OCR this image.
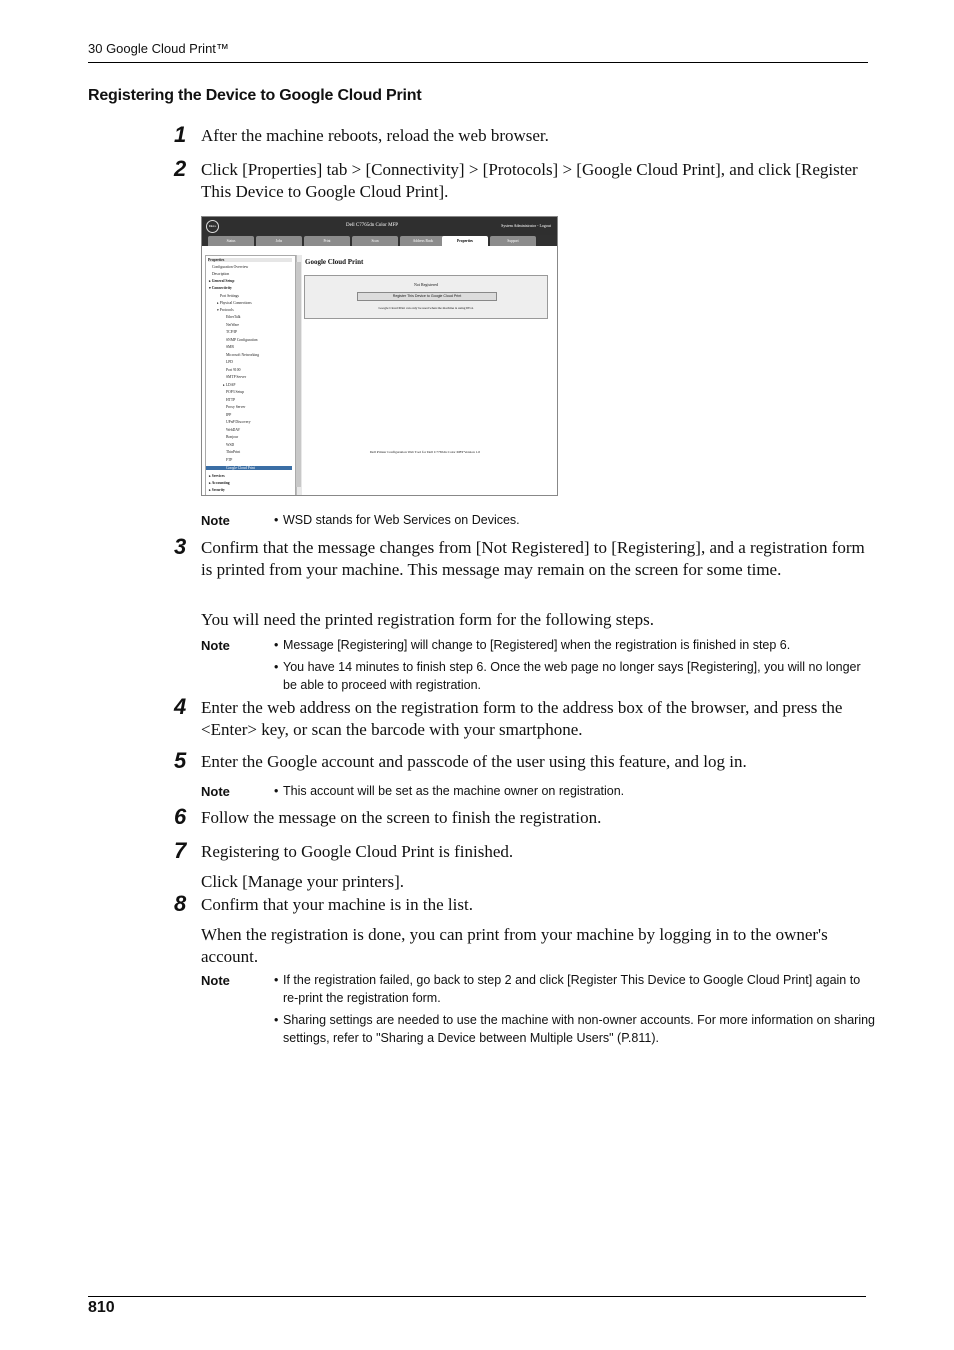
30 Google Cloud Print™
Registering the Device to Google Cloud Print
1 After the machine reboots, reload the web browser.
2 Click [Properties] tab > [Connectivity] > [Protocols] > [Google Cloud Print], and click [Register This Device to Google Cloud Print].
DELL	Dell C7765dn Color MFP	System Administrator - Logout
Status	Jobs	Print	Scan	Address Book	Properties	Support
Properties
Configuration Overview
Description
▸ General Setup
▾ Connectivity
Port Settings
▸ Physical Connections
▾ Protocols
EtherTalk
NetWare
TCP/IP
SNMP Configuration
SMB
Microsoft Networking
LPD
Port 9100
SMTP Server
▸ LDAP
POP3 Setup
HTTP
Proxy Server
IPP
UPnP Discovery
WebDAV
Bonjour
WSD
ThinPrint
FTP
Google Cloud Print
▸ Services
▸ Accounting
▸ Security
Google Cloud Print
Not Registered
Register This Device to Google Cloud Print
Google Cloud Print can only be used when the machine is using IPv4.
Dell Printer Configuration Web Tool for Dell C7765dn Color MFP Version 1.0
Note	• WSD stands for Web Services on Devices.
3 Confirm that the message changes from [Not Registered] to [Registering], and a registration form is printed from your machine. This message may remain on the screen for some time.
You will need the printed registration form for the following steps.
Note	• Message [Registering] will change to [Registered] when the registration is finished in step 6.
• You have 14 minutes to finish step 6. Once the web page no longer says [Registering], you will no longer be able to proceed with registration.
4 Enter the web address on the registration form to the address box of the browser, and press the <Enter> key, or scan the barcode with your smartphone.
5 Enter the Google account and passcode of the user using this feature, and log in.
Note	• This account will be set as the machine owner on registration.
6 Follow the message on the screen to finish the registration.
7 Registering to Google Cloud Print is finished.
Click [Manage your printers].
8 Confirm that your machine is in the list.
When the registration is done, you can print from your machine by logging in to the owner's account.
Note	• If the registration failed, go back to step 2 and click [Register This Device to Google Cloud Print] again to re-print the registration form.
• Sharing settings are needed to use the machine with non-owner accounts. For more information on sharing settings, refer to "Sharing a Device between Multiple Users" (P.811).
810
